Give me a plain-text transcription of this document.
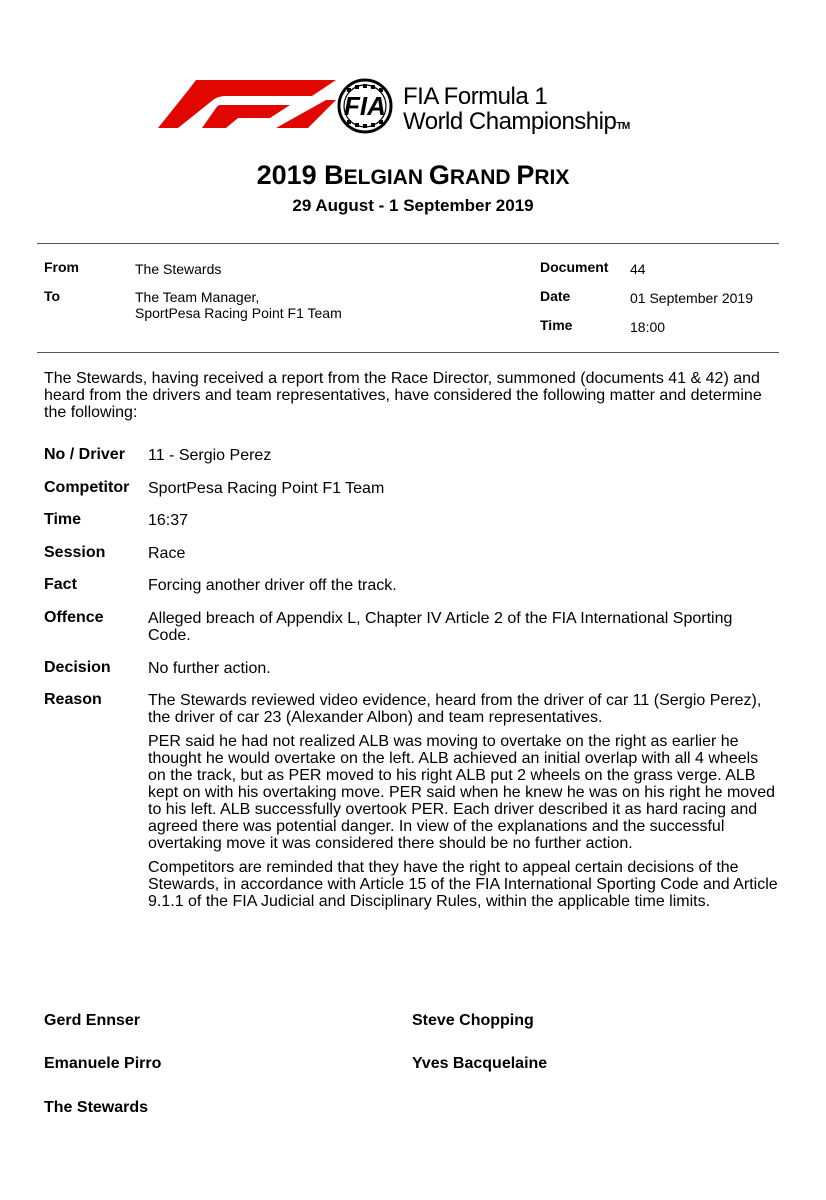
FIA FIA Formula 1
World ChampionshipTM
2019 BELGIAN GRAND PRIX
29 August - 1 September 2019
From	The Stewards
To	The Team Manager,
SportPesa Racing Point F1 Team
Document 44
Date	01 September 2019
Time	18:00
The Stewards, having received a report from the Race Director, summoned (documents 41 & 42) and heard from the drivers and team representatives, have considered the following matter and determine the following:
No / Driver 11 - Sergio Perez
Competitor SportPesa Racing Point F1 Team
Time	16:37
Session	Race
Fact	Forcing another driver off the track.
Offence	Alleged breach of Appendix L, Chapter IV Article 2 of the FIA International Sporting Code.
Decision No further action.
Reason	The Stewards reviewed video evidence, heard from the driver of car 11 (Sergio Perez), the driver of car 23 (Alexander Albon) and team representatives.

PER said he had not realized ALB was moving to overtake on the right as earlier he thought he would overtake on the left. ALB achieved an initial overlap with all 4 wheels on the track, but as PER moved to his right ALB put 2 wheels on the grass verge. ALB kept on with his overtaking move. PER said when he knew he was on his right he moved to his left. ALB successfully overtook PER. Each driver described it as hard racing and agreed there was potential danger. In view of the explanations and the successful overtaking move it was considered there should be no further action.

Competitors are reminded that they have the right to appeal certain decisions of the Stewards, in accordance with Article 15 of the FIA International Sporting Code and Article 9.1.1 of the FIA Judicial and Disciplinary Rules, within the applicable time limits.

Gerd Ennser	Steve Chopping
Emanuele Pirro	Yves Bacquelaine
The Stewards
